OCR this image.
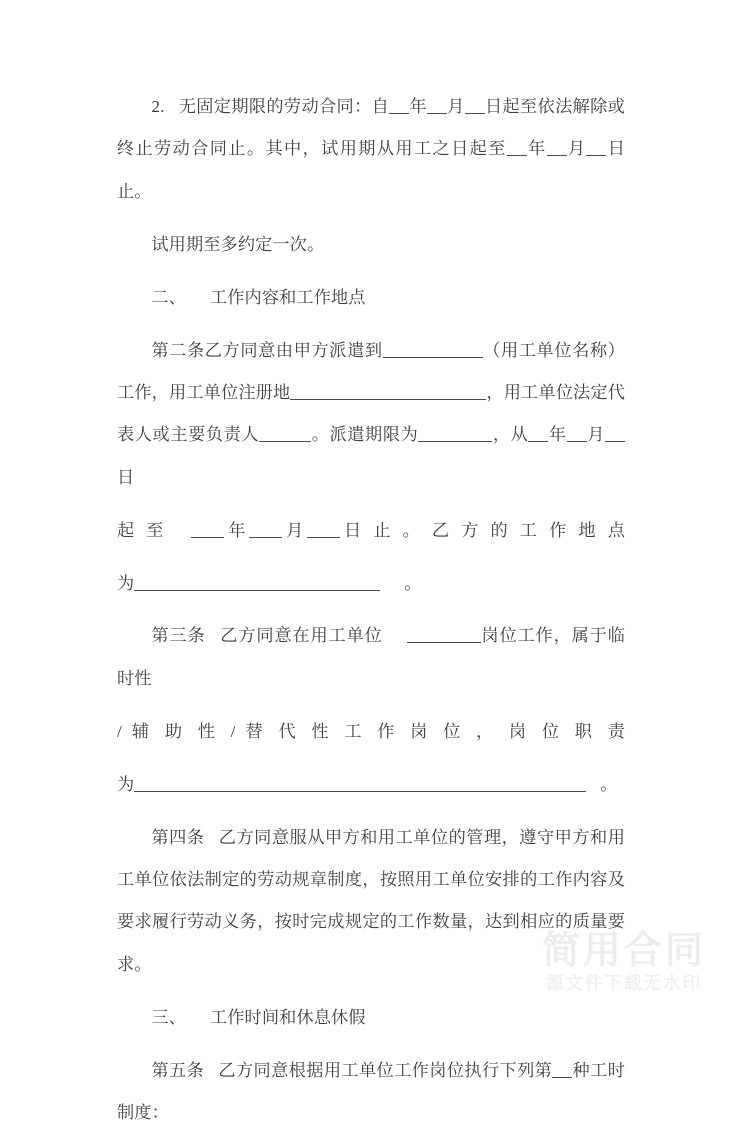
2. 无固定期限的劳动合同：自 年 月 日起至依法解除或终止劳动合同止。其中，试用期从用工之日起至 年 月 日止。

试用期至多约定一次。

二、 工作内容和工作地点

第二条乙方同意由甲方派遣到	（用工单位名称）工作，用工单位注册地	，用工单位法定代表人或主要负责人	。派遣期限为	，从 年 月日

起 至	年 月 日 止 。 乙 方 的 工 作 地 点

为	。

第三条 乙方同意在用工单位	岗位工作，属于临时性

/ 辅 助 性 / 替 代 性 工 作 岗 位 ， 岗 位 职 责

为	。

第四条 乙方同意服从甲方和用工单位的管理，遵守甲方和用工单位依法制定的劳动规章制度，按照用工单位安排的工作内容及要求履行劳动义务，按时完成规定的工作数量，达到相应的质量要求。

三、 工作时间和休息休假

第五条 乙方同意根据用工单位工作岗位执行下列第 种工时制度：

简用合同
源文件下载无水印
